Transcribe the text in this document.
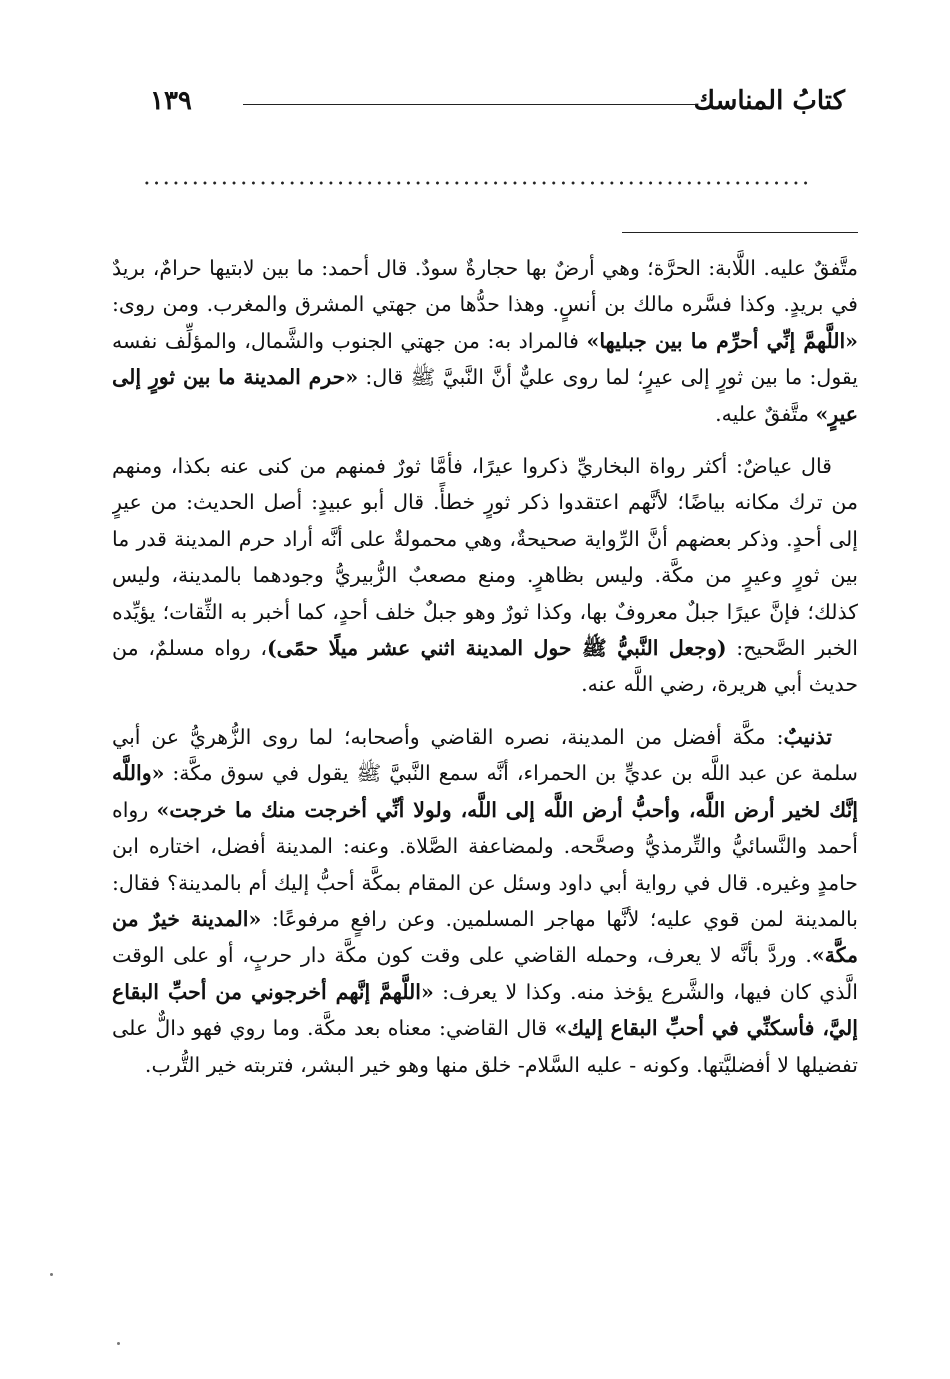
كتابُ المناسك
١٣٩

متَّفقٌ عليه. اللَّابة: الحرَّة؛ وهي أرضٌ بها حجارةٌ سودٌ. قال أحمد: ما بين لابتيها حرامٌ، بريدٌ في بريدٍ. وكذا فسَّره مالك بن أنسٍ. وهذا حدُّها من جهتي المشرق والمغرب. ومن روى: «اللَّهمَّ إنِّي أحرِّم ما بين جبليها» فالمراد به: من جهتي الجنوب والشَّمال، والمؤلِّف نفسه يقول: ما بين ثورٍ إلى عيرٍ؛ لما روى عليٌّ أنَّ النَّبيَّ ﷺ قال: «حرم المدينة ما بين ثورٍ إلى عيرٍ» متَّفقٌ عليه.

قال عياضٌ: أكثر رواة البخاريِّ ذكروا عيرًا، فأمَّا ثورٌ فمنهم من كنى عنه بكذا، ومنهم من ترك مكانه بياضًا؛ لأنَّهم اعتقدوا ذكر ثورٍ خطأً. قال أبو عبيدٍ: أصل الحديث: من عيرٍ إلى أحدٍ. وذكر بعضهم أنَّ الرِّواية صحيحةٌ، وهي محمولةٌ على أنَّه أراد حرم المدينة قدر ما بين ثورٍ وعيرٍ من مكَّة. وليس بظاهرٍ. ومنع مصعبٌ الزُّبيريُّ وجودهما بالمدينة، وليس كذلك؛ فإنَّ عيرًا جبلٌ معروفٌ بها، وكذا ثورٌ وهو جبلٌ خلف أحدٍ، كما أخبر به الثِّقات؛ يؤيِّده الخبر الصَّحيح: (وجعل النَّبيُّ ﷺ حول المدينة اثني عشر ميلًا حمًى)، رواه مسلمٌ، من حديث أبي هريرة، رضي اللَّه عنه.

تذنيبٌ: مكَّة أفضل من المدينة، نصره القاضي وأصحابه؛ لما روى الزُّهريُّ عن أبي سلمة عن عبد اللَّه بن عديٍّ بن الحمراء، أنَّه سمع النَّبيَّ ﷺ يقول في سوق مكَّة: «واللَّه إنَّك لخير أرض اللَّه، وأحبُّ أرض اللَّه إلى اللَّه، ولولا أنِّي أخرجت منك ما خرجت» رواه أحمد والنَّسائيُّ والتِّرمذيُّ وصحَّحه. ولمضاعفة الصَّلاة. وعنه: المدينة أفضل، اختاره ابن حامدٍ وغيره. قال في رواية أبي داود وسئل عن المقام بمكَّة أحبُّ إليك أم بالمدينة؟ فقال: بالمدينة لمن قوي عليه؛ لأنَّها مهاجر المسلمين. وعن رافعٍ مرفوعًا: «المدينة خيرٌ من مكَّة». وردَّ بأنَّه لا يعرف، وحمله القاضي على وقت كون مكَّة دار حربٍ، أو على الوقت الَّذي كان فيها، والشَّرع يؤخذ منه. وكذا لا يعرف: «اللَّهمَّ إنَّهم أخرجوني من أحبِّ البقاع إليَّ، فأسكنِّي في أحبِّ البقاع إليك» قال القاضي: معناه بعد مكَّة. وما روي فهو دالٌّ على تفضيلها لا أفضليَّتها. وكونه - عليه السَّلام- خلق منها وهو خير البشر، فتربته خير التُّرب.
